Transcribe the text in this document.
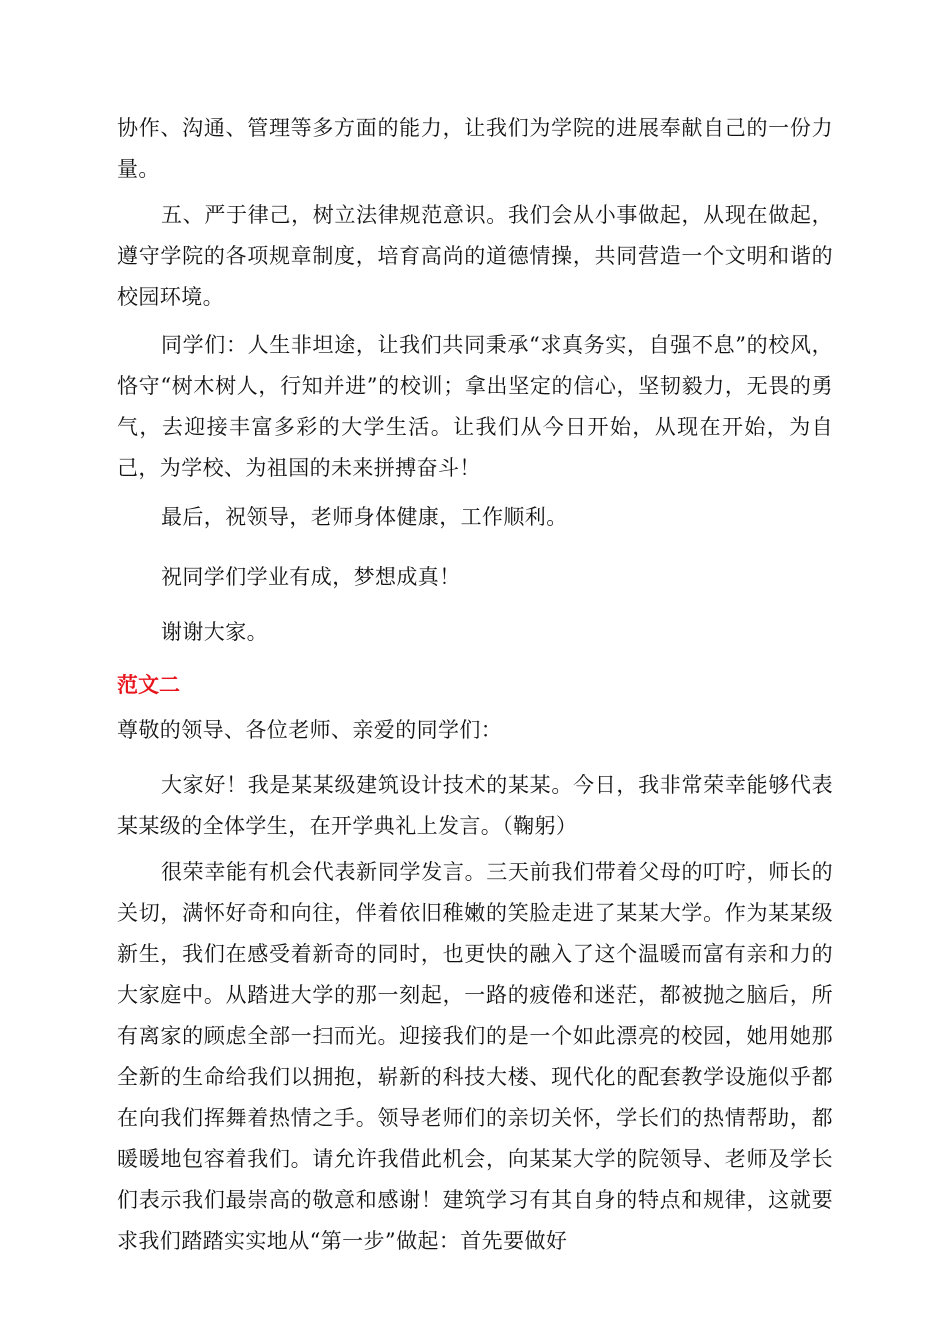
协作、沟通、管理等多方面的能力，让我们为学院的进展奉献自己的一份力量。

五、严于律己，树立法律规范意识。我们会从小事做起，从现在做起，遵守学院的各项规章制度，培育高尚的道德情操，共同营造一个文明和谐的校园环境。

同学们：人生非坦途，让我们共同秉承“求真务实，自强不息”的校风，恪守“树木树人，行知并进”的校训；拿出坚定的信心，坚韧毅力，无畏的勇气，去迎接丰富多彩的大学生活。让我们从今日开始，从现在开始，为自己，为学校、为祖国的未来拼搏奋斗！

最后，祝领导，老师身体健康，工作顺利。

祝同学们学业有成，梦想成真！

谢谢大家。

范文二

尊敬的领导、各位老师、亲爱的同学们：

大家好！我是某某级建筑设计技术的某某。今日，我非常荣幸能够代表某某级的全体学生，在开学典礼上发言。（鞠躬）

很荣幸能有机会代表新同学发言。三天前我们带着父母的叮咛，师长的关切，满怀好奇和向往，伴着依旧稚嫩的笑脸走进了某某大学。作为某某级新生，我们在感受着新奇的同时，也更快的融入了这个温暖而富有亲和力的大家庭中。从踏进大学的那一刻起，一路的疲倦和迷茫，都被抛之脑后，所有离家的顾虑全部一扫而光。迎接我们的是一个如此漂亮的校园，她用她那全新的生命给我们以拥抱，崭新的科技大楼、现代化的配套教学设施似乎都在向我们挥舞着热情之手。领导老师们的亲切关怀，学长们的热情帮助，都暖暖地包容着我们。请允许我借此机会，向某某大学的院领导、老师及学长们表示我们最崇高的敬意和感谢！建筑学习有其自身的特点和规律，这就要求我们踏踏实实地从“第一步”做起：首先要做好
